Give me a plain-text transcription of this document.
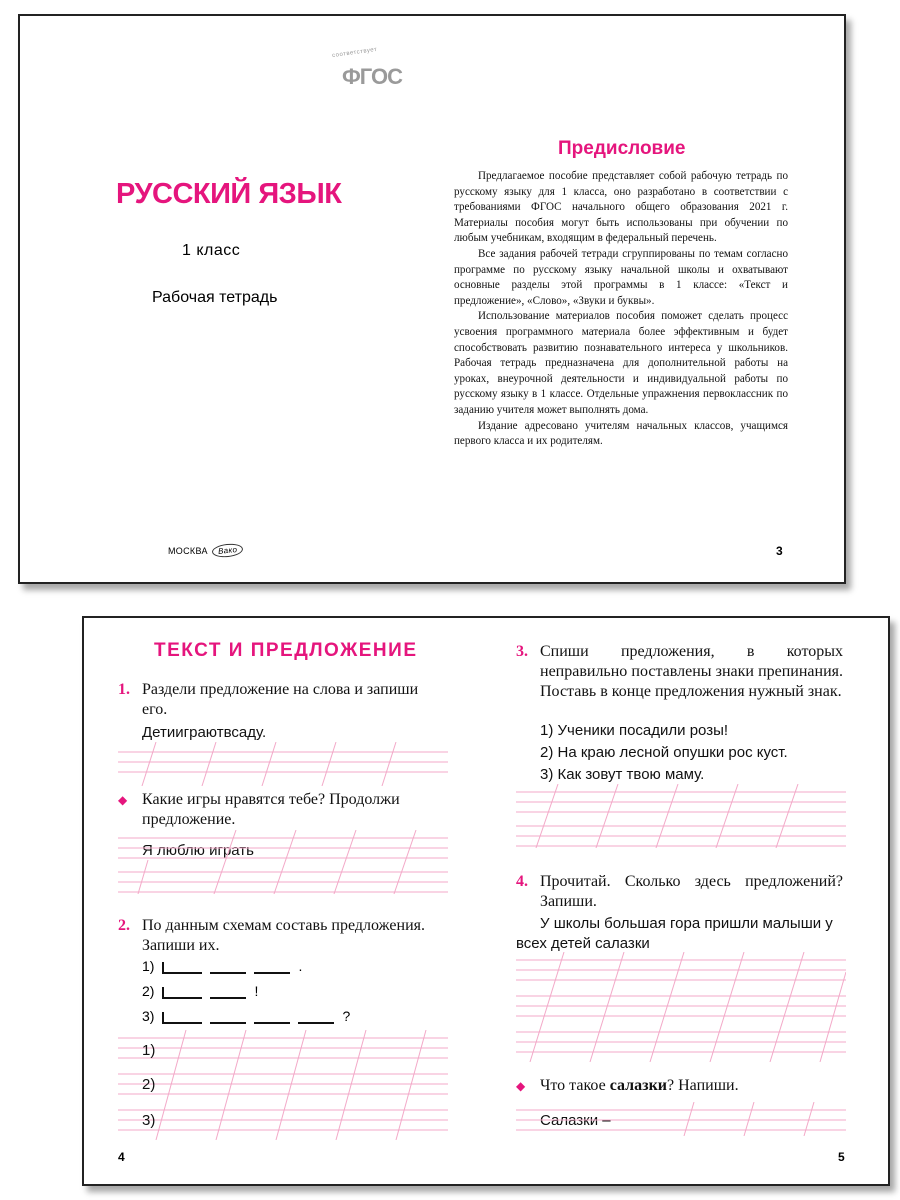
соответствует
ФГОС
РУССКИЙ ЯЗЫК
1 класс
Рабочая тетрадь
МОСКВА	Вако
Предисловие

Предлагаемое пособие представляет собой рабочую тетрадь по русскому языку для 1 класса, оно разработано в соответствии с требованиями ФГОС начального общего образования 2021 г. Материалы пособия могут быть использованы при обучении по любым учебникам, входящим в федеральный перечень.

Все задания рабочей тетради сгруппированы по темам согласно программе по русскому языку начальной школы и охватывают основные разделы этой программы в 1 классе: «Текст и предложение», «Слово», «Звуки и буквы».

Использование материалов пособия поможет сделать процесс усвоения программного материала более эффективным и будет способствовать развитию познавательного интереса у школьников. Рабочая тетрадь предназначена для дополнительной работы на уроках, внеурочной деятельности и индивидуальной работы по русскому языку в 1 классе. Отдельные упражнения первоклассник по заданию учителя может выполнять дома.

Издание адресовано учителям начальных классов, учащимся первого класса и их родителям.

3
ТЕКСТ И ПРЕДЛОЖЕНИЕ
1. Раздели предложение на слова и запиши его.
Детииграютвсаду.
◆ Какие игры нравятся тебе? Продолжи предложение.
Я люблю играть
2. По данным схемам составь предложения. Запиши их.
1)	.
2)	!
3)	?
1)
2)
3)
4
3. Спиши предложения, в которых неправильно поставлены знаки препинания. Поставь в конце предложения нужный знак.
1) Ученики посадили розы!
2) На краю лесной опушки рос куст.
3) Как зовут твою маму.
4. Прочитай. Сколько здесь предложений? Запиши.
У школы большая гора пришли малыши у всех детей салазки
◆ Что такое салазки? Напиши.
Салазки –
5
